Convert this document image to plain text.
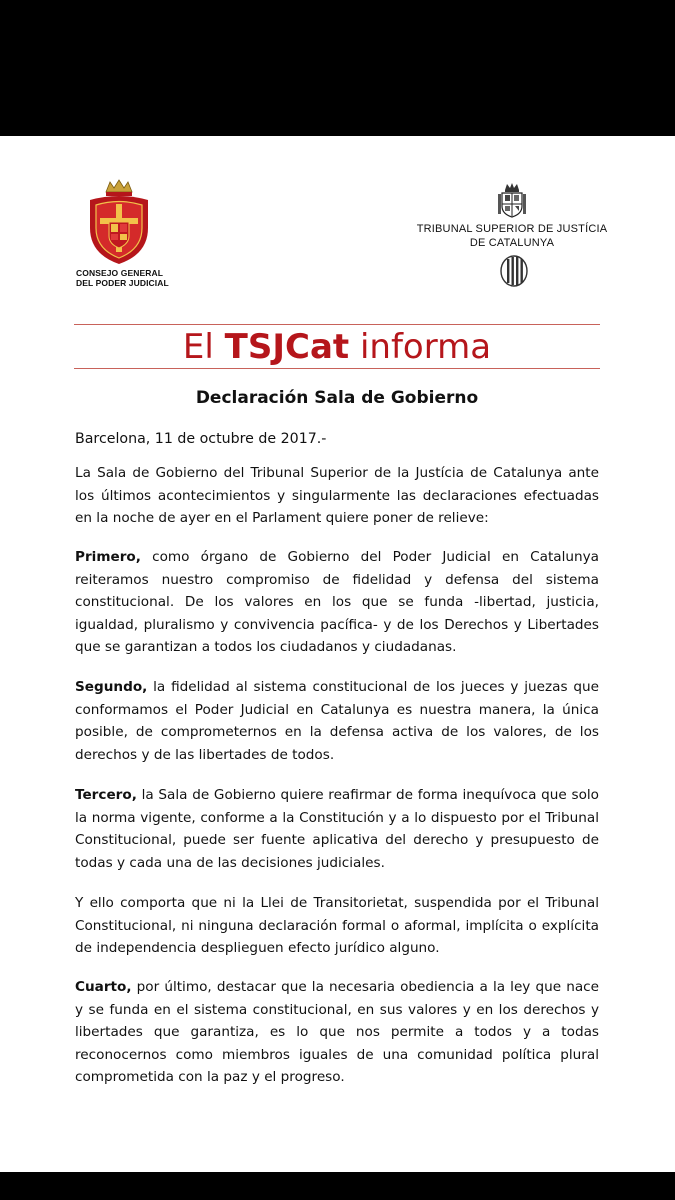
CONSEJO GENERAL DEL PODER JUDICIAL
TRIBUNAL SUPERIOR DE JUSTÍCIA
DE CATALUNYA
El TSJCat informa
Declaración Sala de Gobierno
Barcelona, 11 de octubre de 2017.-
La Sala de Gobierno del Tribunal Superior de la Justícia de Catalunya ante los últimos acontecimientos y singularmente las declaraciones efectuadas en la noche de ayer en el Parlament quiere poner de relieve:
Primero, como órgano de Gobierno del Poder Judicial en Catalunya reiteramos nuestro compromiso de fidelidad y defensa del sistema constitucional. De los valores en los que se funda -libertad, justicia, igualdad, pluralismo y convivencia pacífica- y de los Derechos y Libertades que se garantizan a todos los ciudadanos y ciudadanas.
Segundo, la fidelidad al sistema constitucional de los jueces y juezas que conformamos el Poder Judicial en Catalunya es nuestra manera, la única posible, de comprometernos en la defensa activa de los valores, de los derechos y de las libertades de todos.
Tercero, la Sala de Gobierno quiere reafirmar de forma inequívoca que solo la norma vigente, conforme a la Constitución y a lo dispuesto por el Tribunal Constitucional, puede ser fuente aplicativa del derecho y presupuesto de todas y cada una de las decisiones judiciales.
Y ello comporta que ni la Llei de Transitorietat, suspendida por el Tribunal Constitucional, ni ninguna declaración formal o aformal, implícita o explícita de independencia desplieguen efecto jurídico alguno.
Cuarto, por último, destacar que la necesaria obediencia a la ley que nace y se funda en el sistema constitucional, en sus valores y en los derechos y libertades que garantiza, es lo que nos permite a todos y a todas reconocernos como miembros iguales de una comunidad política plural comprometida con la paz y el progreso.
